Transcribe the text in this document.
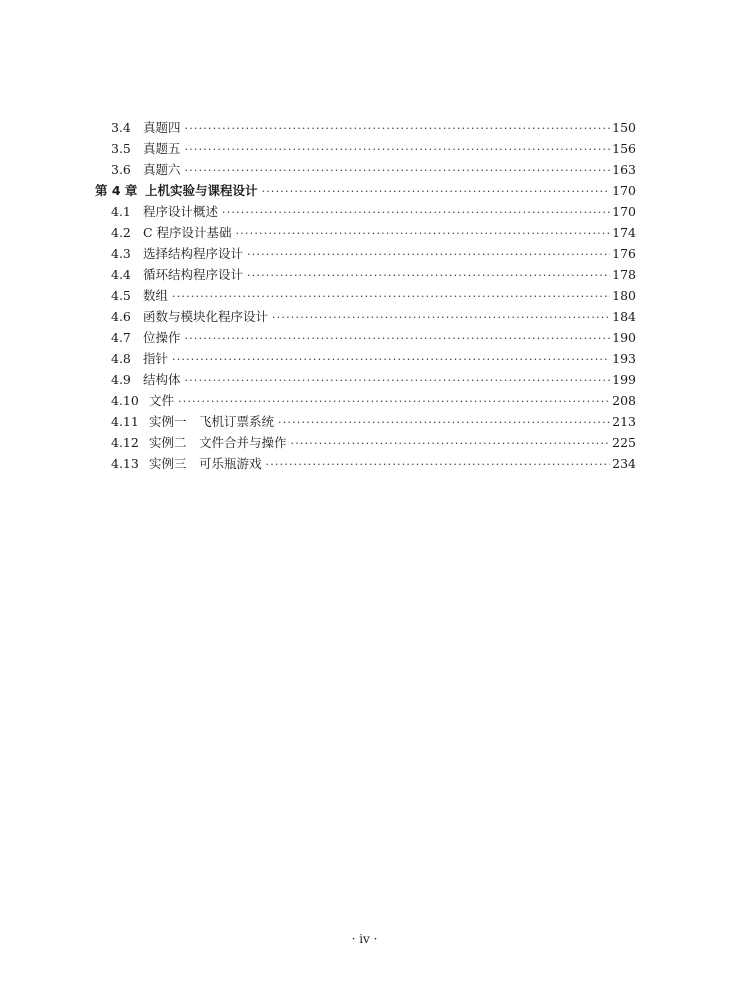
3.4 真题四 ·····	150
3.5 真题五 ·····	156
3.6 真题六 ·····	163
第 4 章 上机实验与课程设计 ·····	170
4.1 程序设计概述 ·····	170
4.2 C 程序设计基础 ·····	174
4.3 选择结构程序设计 ·····	176
4.4 循环结构程序设计 ·····	178
4.5 数组 ·····	180
4.6 函数与模块化程序设计 ·····	184
4.7 位操作 ·····	190
4.8 指针 ·····	193
4.9 结构体 ·····	199
4.10 文件 ·····	208
4.11 实例一　飞机订票系统 ·····	213
4.12 实例二　文件合并与操作 ·····	225
4.13 实例三　可乐瓶游戏 ·····	234
· iv ·
